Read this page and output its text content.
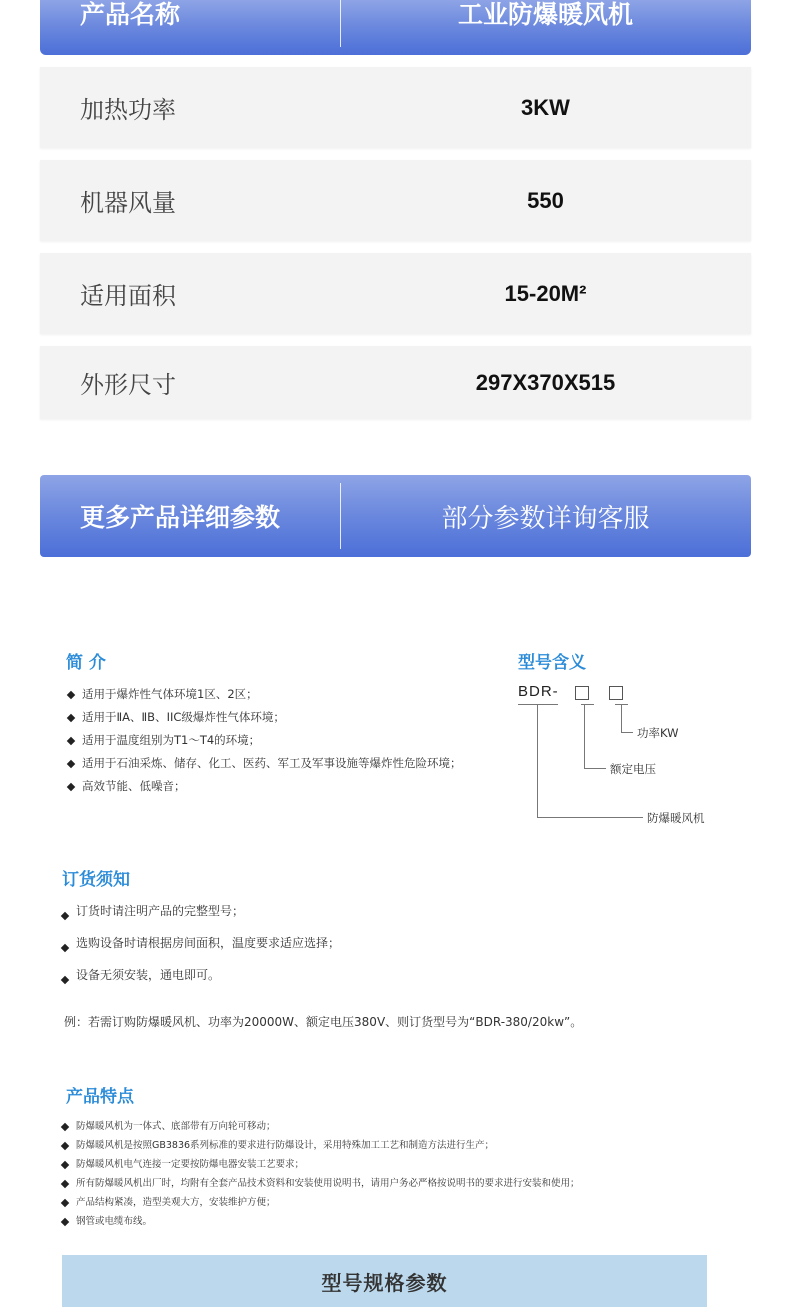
产品名称	工业防爆暖风机
加热功率	3KW
机器风量	550
适用面积	15-20M²
外形尺寸	297X370X515
更多产品详细参数	部分参数详询客服
简 介
适用于爆炸性气体环境1区、2区；
适用于ⅡA、ⅡB、IIC级爆炸性气体环境；
适用于温度组别为T1～T4的环境；
适用于石油采炼、储存、化工、医药、军工及军事设施等爆炸性危险环境；
高效节能、低噪音；
型号含义
BDR-
功率KW
额定电压
防爆暖风机
订货须知
订货时请注明产品的完整型号；
选购设备时请根据房间面积，温度要求适应选择；
设备无须安装，通电即可。
例：若需订购防爆暖风机、功率为20000W、额定电压380V、则订货型号为“BDR-380/20kw”。
产品特点
防爆暖风机为一体式、底部带有万向轮可移动；
防爆暖风机是按照GB3836系列标准的要求进行防爆设计，采用特殊加工工艺和制造方法进行生产；
防爆暖风机电气连接一定要按防爆电器安装工艺要求；
所有防爆暖风机出厂时，均附有全套产品技术资料和安装使用说明书，请用户务必严格按说明书的要求进行安装和使用；
产品结构紧凑，造型美观大方，安装维护方便；
钢管或电缆布线。
型号规格参数
